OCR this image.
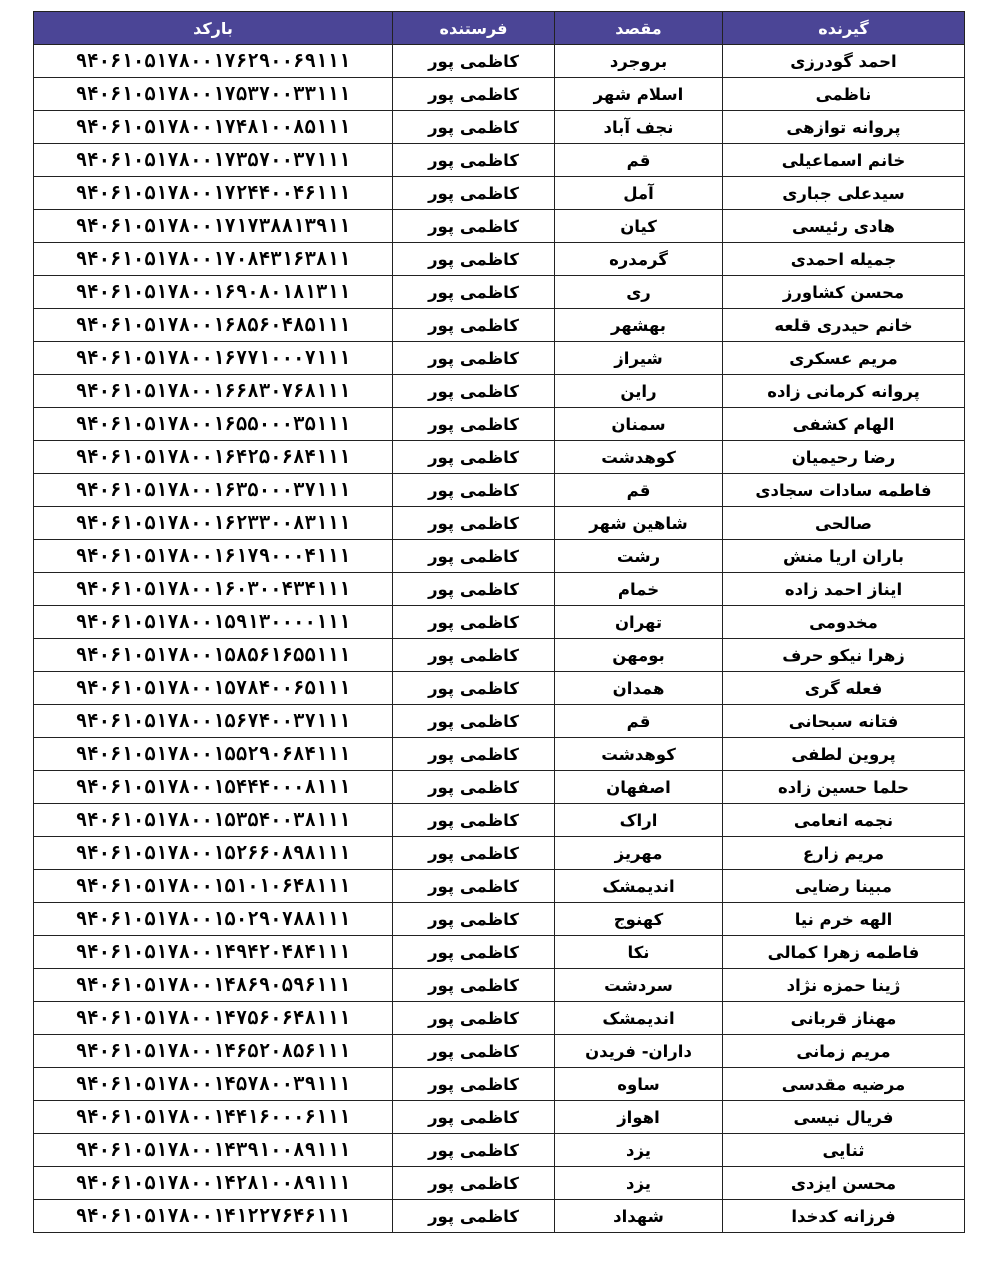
بارکد	فرستنده	مقصد	گیرنده
۹۴۰۶۱۰۵۱۷۸۰۰۱۷۶۲۹۰۰۶۹۱۱۱	کاظمی پور	بروجرد	احمد گودرزی
۹۴۰۶۱۰۵۱۷۸۰۰۱۷۵۳۷۰۰۳۳۱۱۱	کاظمی پور	اسلام شهر	ناظمی
۹۴۰۶۱۰۵۱۷۸۰۰۱۷۴۸۱۰۰۸۵۱۱۱	کاظمی پور	نجف آباد	پروانه توازهی
۹۴۰۶۱۰۵۱۷۸۰۰۱۷۳۵۷۰۰۳۷۱۱۱	کاظمی پور	قم	خانم اسماعیلی
۹۴۰۶۱۰۵۱۷۸۰۰۱۷۲۴۴۰۰۴۶۱۱۱	کاظمی پور	آمل	سیدعلی جباری
۹۴۰۶۱۰۵۱۷۸۰۰۱۷۱۷۳۸۸۱۳۹۱۱	کاظمی پور	کیان	هادی رئیسی
۹۴۰۶۱۰۵۱۷۸۰۰۱۷۰۸۴۳۱۶۳۸۱۱	کاظمی پور	گرمدره	جمیله احمدی
۹۴۰۶۱۰۵۱۷۸۰۰۱۶۹۰۸۰۱۸۱۳۱۱	کاظمی پور	ری	محسن کشاورز
۹۴۰۶۱۰۵۱۷۸۰۰۱۶۸۵۶۰۴۸۵۱۱۱	کاظمی پور	بهشهر	خانم حیدری قلعه
۹۴۰۶۱۰۵۱۷۸۰۰۱۶۷۷۱۰۰۰۷۱۱۱	کاظمی پور	شیراز	مریم عسکری
۹۴۰۶۱۰۵۱۷۸۰۰۱۶۶۸۳۰۷۶۸۱۱۱	کاظمی پور	راین	پروانه کرمانی زاده
۹۴۰۶۱۰۵۱۷۸۰۰۱۶۵۵۰۰۰۳۵۱۱۱	کاظمی پور	سمنان	الهام کشفی
۹۴۰۶۱۰۵۱۷۸۰۰۱۶۴۲۵۰۶۸۴۱۱۱	کاظمی پور	کوهدشت	رضا رحیمیان
۹۴۰۶۱۰۵۱۷۸۰۰۱۶۳۵۰۰۰۳۷۱۱۱	کاظمی پور	قم	فاطمه سادات سجادی
۹۴۰۶۱۰۵۱۷۸۰۰۱۶۲۳۳۰۰۸۳۱۱۱	کاظمی پور	شاهین شهر	صالحی
۹۴۰۶۱۰۵۱۷۸۰۰۱۶۱۷۹۰۰۰۴۱۱۱	کاظمی پور	رشت	باران اریا منش
۹۴۰۶۱۰۵۱۷۸۰۰۱۶۰۳۰۰۴۳۴۱۱۱	کاظمی پور	خمام	ایناز احمد زاده
۹۴۰۶۱۰۵۱۷۸۰۰۱۵۹۱۳۰۰۰۰۱۱۱	کاظمی پور	تهران	مخدومی
۹۴۰۶۱۰۵۱۷۸۰۰۱۵۸۵۶۱۶۵۵۱۱۱	کاظمی پور	بومهن	زهرا نیکو حرف
۹۴۰۶۱۰۵۱۷۸۰۰۱۵۷۸۴۰۰۶۵۱۱۱	کاظمی پور	همدان	فعله گری
۹۴۰۶۱۰۵۱۷۸۰۰۱۵۶۷۴۰۰۳۷۱۱۱	کاظمی پور	قم	فتانه سبحانی
۹۴۰۶۱۰۵۱۷۸۰۰۱۵۵۲۹۰۶۸۴۱۱۱	کاظمی پور	کوهدشت	پروین لطفی
۹۴۰۶۱۰۵۱۷۸۰۰۱۵۴۴۴۰۰۰۸۱۱۱	کاظمی پور	اصفهان	حلما حسین زاده
۹۴۰۶۱۰۵۱۷۸۰۰۱۵۳۵۴۰۰۳۸۱۱۱	کاظمی پور	اراک	نجمه انعامی
۹۴۰۶۱۰۵۱۷۸۰۰۱۵۲۶۶۰۸۹۸۱۱۱	کاظمی پور	مهریز	مریم زارع
۹۴۰۶۱۰۵۱۷۸۰۰۱۵۱۰۱۰۶۴۸۱۱۱	کاظمی پور	اندیمشک	مبینا رضایی
۹۴۰۶۱۰۵۱۷۸۰۰۱۵۰۲۹۰۷۸۸۱۱۱	کاظمی پور	کهنوج	الهه خرم نیا
۹۴۰۶۱۰۵۱۷۸۰۰۱۴۹۴۲۰۴۸۴۱۱۱	کاظمی پور	نکا	فاطمه زهرا کمالی
۹۴۰۶۱۰۵۱۷۸۰۰۱۴۸۶۹۰۵۹۶۱۱۱	کاظمی پور	سردشت	ژینا حمزه نژاد
۹۴۰۶۱۰۵۱۷۸۰۰۱۴۷۵۶۰۶۴۸۱۱۱	کاظمی پور	اندیمشک	مهناز قربانی
۹۴۰۶۱۰۵۱۷۸۰۰۱۴۶۵۲۰۸۵۶۱۱۱	کاظمی پور	داران- فریدن	مریم زمانی
۹۴۰۶۱۰۵۱۷۸۰۰۱۴۵۷۸۰۰۳۹۱۱۱	کاظمی پور	ساوه	مرضیه مقدسی
۹۴۰۶۱۰۵۱۷۸۰۰۱۴۴۱۶۰۰۰۶۱۱۱	کاظمی پور	اهواز	فریال نیسی
۹۴۰۶۱۰۵۱۷۸۰۰۱۴۳۹۱۰۰۸۹۱۱۱	کاظمی پور	یزد	ثنایی
۹۴۰۶۱۰۵۱۷۸۰۰۱۴۲۸۱۰۰۸۹۱۱۱	کاظمی پور	یزد	محسن ایزدی
۹۴۰۶۱۰۵۱۷۸۰۰۱۴۱۲۲۷۶۴۶۱۱۱	کاظمی پور	شهداد	فرزانه کدخدا
